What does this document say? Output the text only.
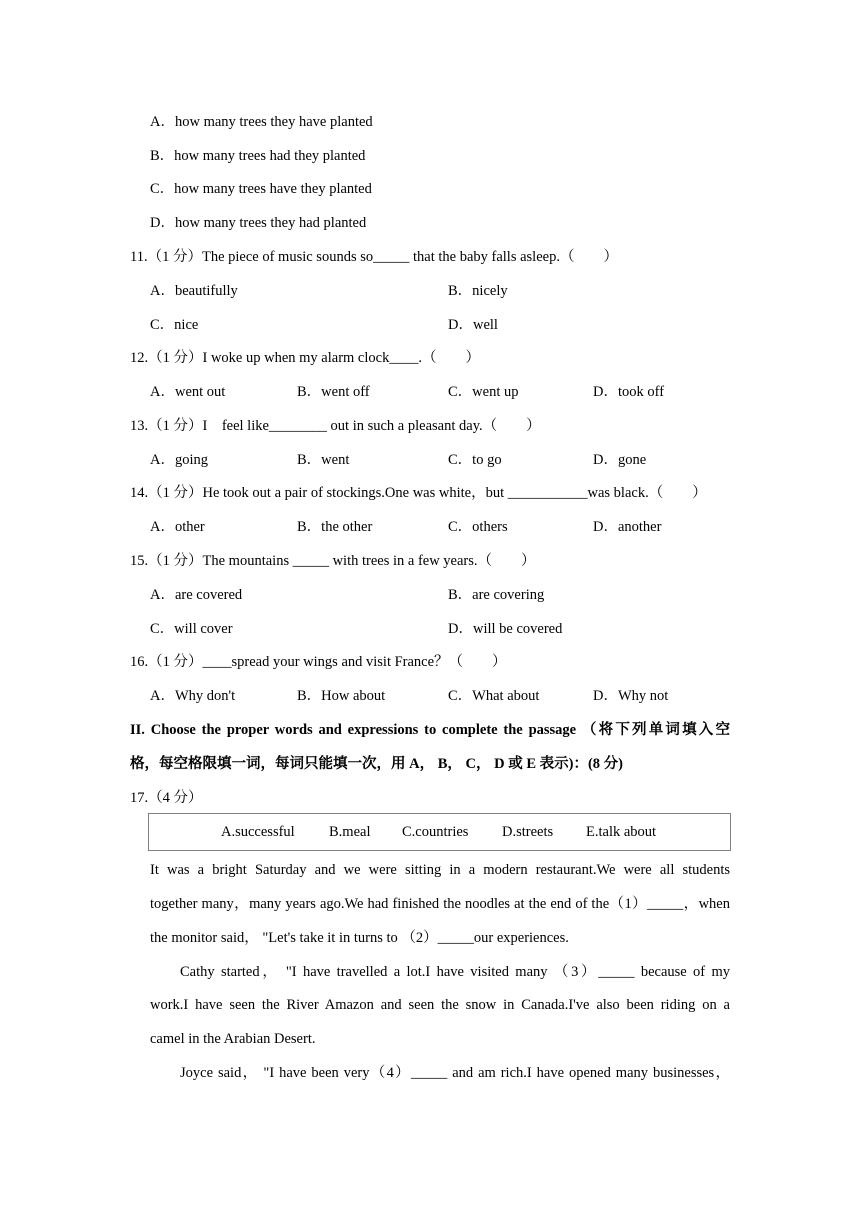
A．how many trees they have planted
B．how many trees had they planted
C．how many trees have they planted
D．how many trees they had planted
11.（1 分）The piece of music sounds so_____ that the baby falls asleep.（　　）
A．beautifully	B．nicely
C．nice	D．well
12.（1 分）I woke up when my alarm clock____.（　　）
A．went out	B．went off	C．went up	D．took off
13.（1 分）I　feel like________ out in such a pleasant day.（　　）
A．going	B．went	C．to go	D．gone
14.（1 分）He took out a pair of stockings.One was white，but ___________was black.（　　）
A．other	B．the other	C．others	D．another
15.（1 分）The mountains _____ with trees in a few years.（　　）
A．are covered	B．are covering
C．will cover	D．will be covered
16.（1 分）____spread your wings and visit France？（　　）
A．Why don't	B．How about	C．What about	D．Why not
II. Choose the proper words and expressions to complete the passage （将下列单词填入空
格，每空格限填一词，每词只能填一次，用 A， B， C， D 或 E 表示)：(8 分)
17.（4 分）
A.successful B.meal C.countries D.streets E.talk about
It was a bright Saturday and we were sitting in a modern restaurant.We were all students
together many，many years ago.We had finished the noodles at the end of the（1）_____，when
the monitor said， "Let's take it in turns to （2）_____our experiences.
Cathy started， "I have travelled a lot.I have visited many （3）_____ because of my
work.I have seen the River Amazon and seen the snow in Canada.I've also been riding on a
camel in the Arabian Desert.
Joyce said， "I have been very（4）_____ and am rich.I have opened many businesses，
